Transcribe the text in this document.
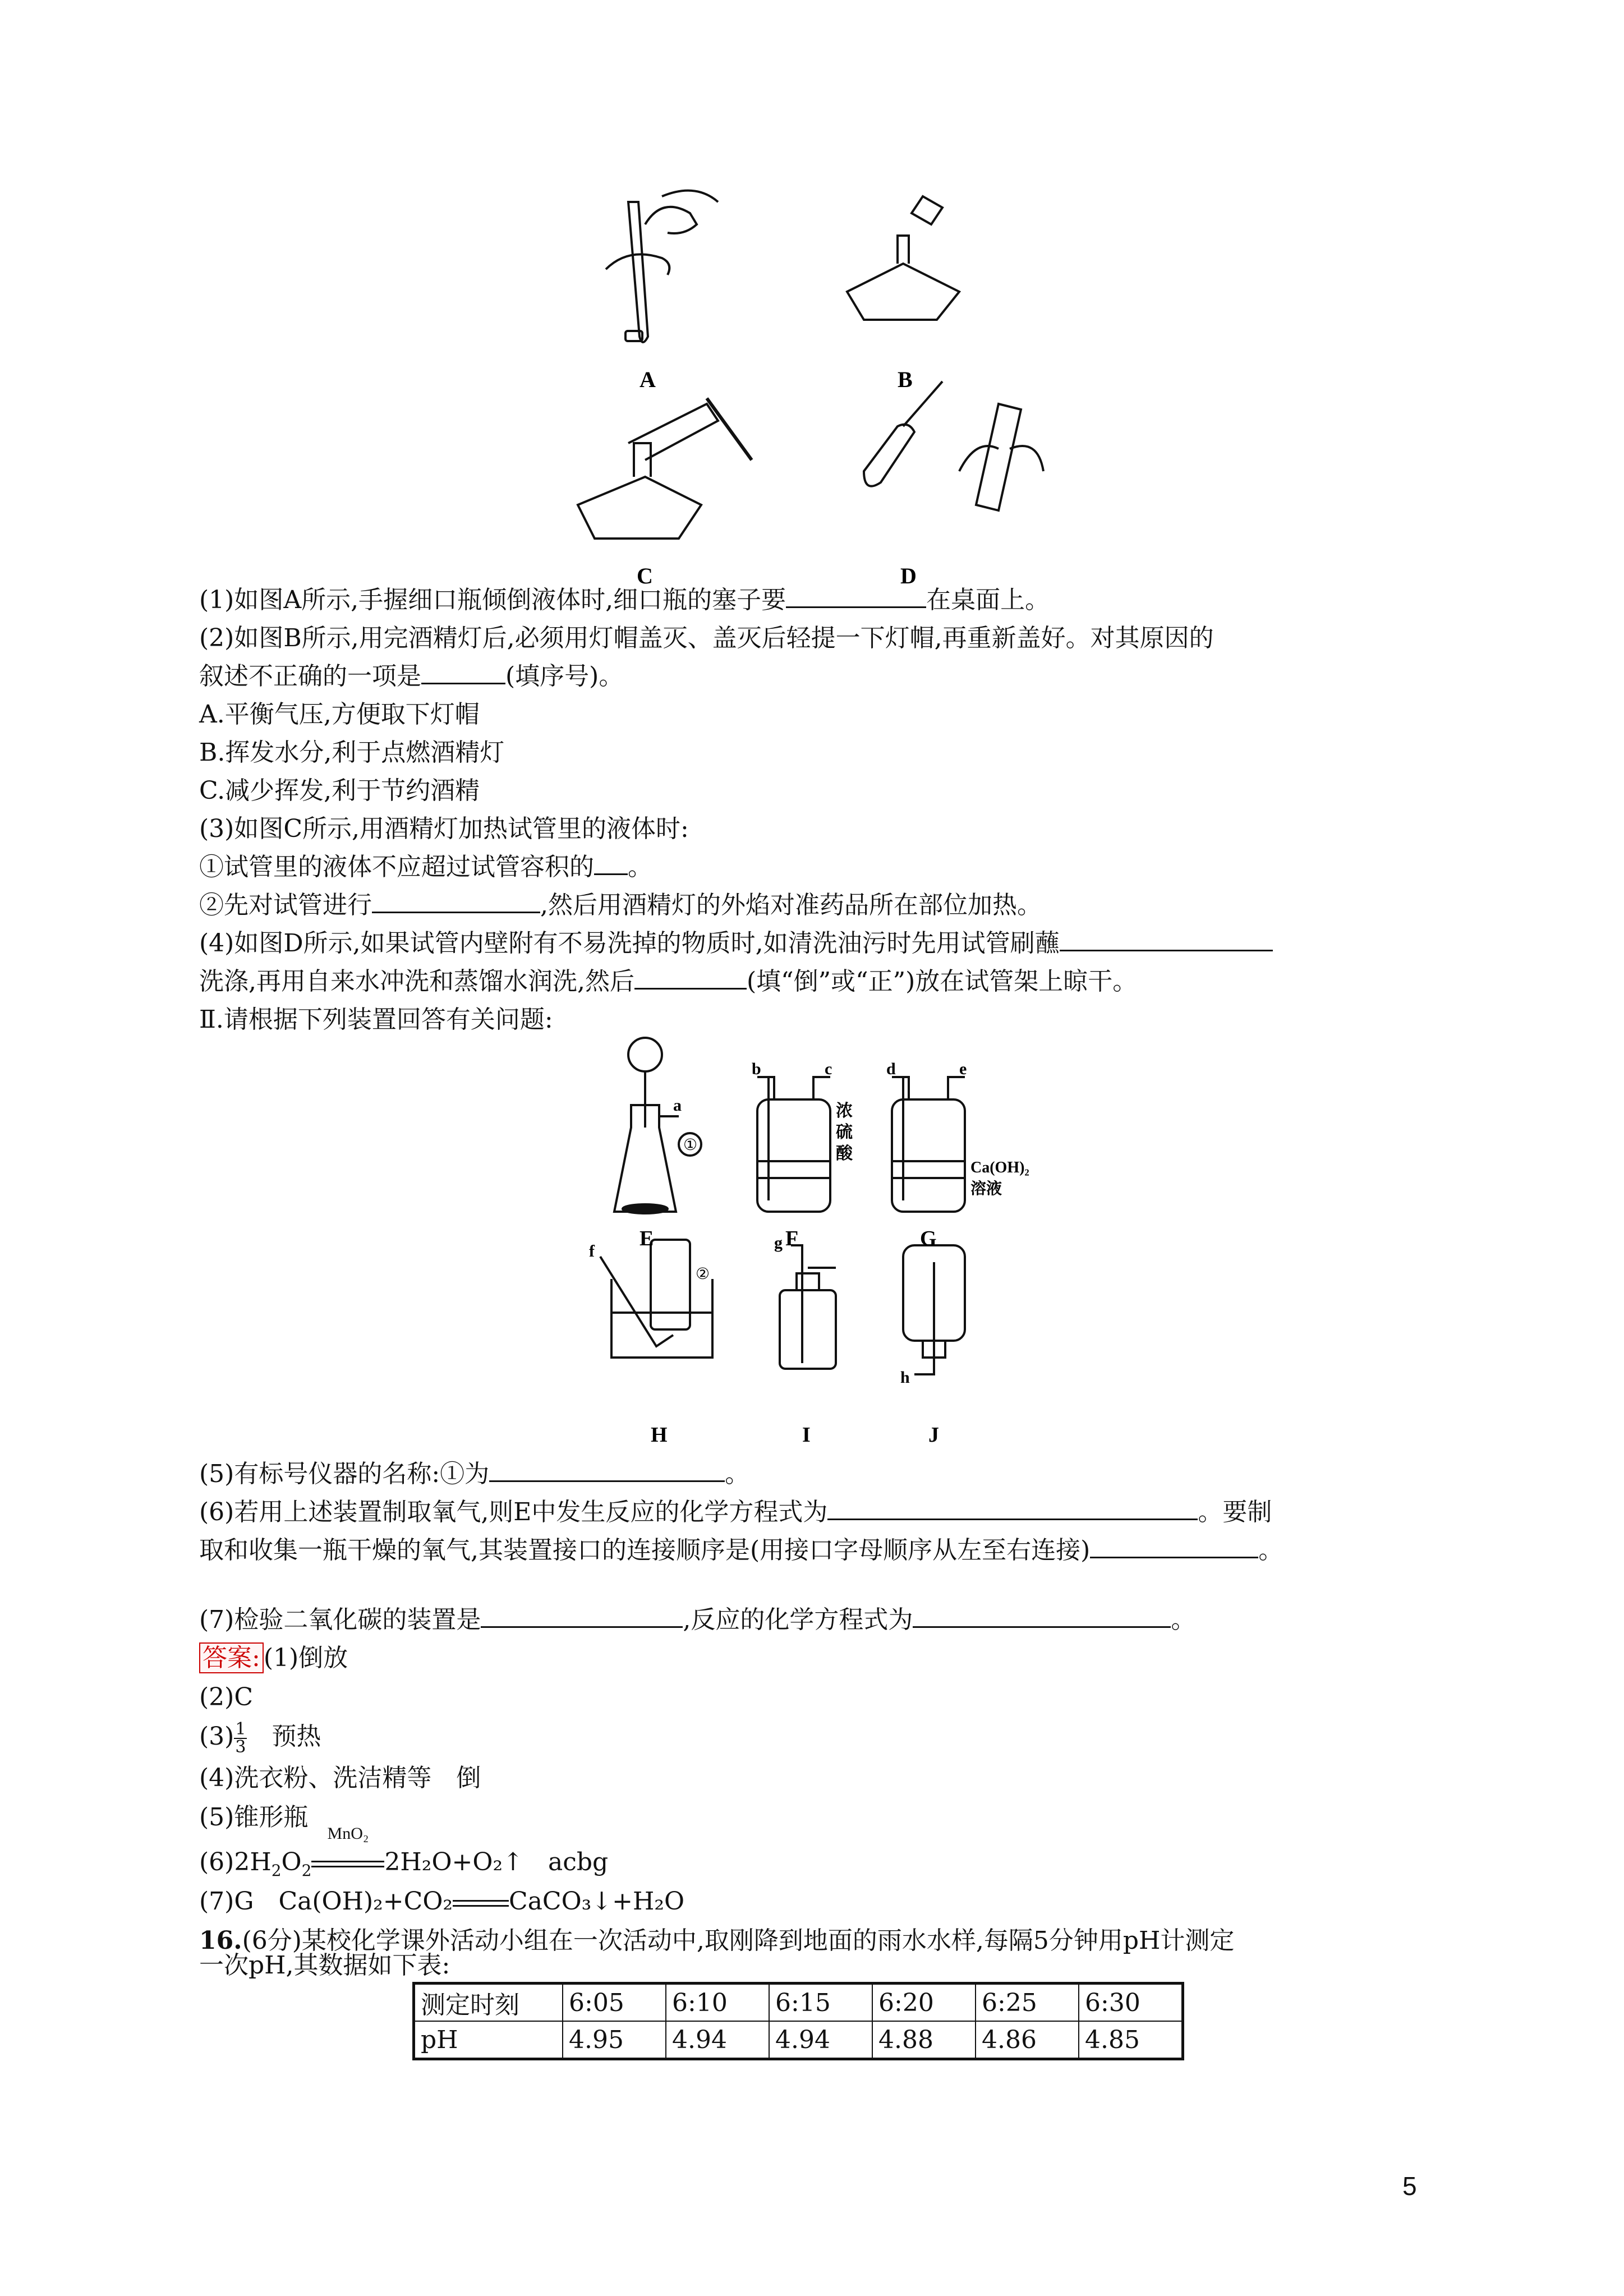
A	B
C	D
(1)如图A所示,手握细口瓶倾倒液体时,细口瓶的塞子要	在桌面上。
(2)如图B所示,用完酒精灯后,必须用灯帽盖灭、盖灭后轻提一下灯帽,再重新盖好。对其原因的
叙述不正确的一项是	(填序号)。
A.平衡气压,方便取下灯帽
B.挥发水分,利于点燃酒精灯
C.减少挥发,利于节约酒精
(3)如图C所示,用酒精灯加热试管里的液体时:
①试管里的液体不应超过试管容积的 。
②先对试管进行	,然后用酒精灯的外焰对准药品所在部位加热。
(4)如图D所示,如果试管内壁附有不易洗掉的物质时,如清洗油污时先用试管刷蘸
洗涤,再用自来水冲洗和蒸馏水润洗,然后	(填“倒”或“正”)放在试管架上晾干。
Ⅱ.请根据下列装置回答有关问题:
a
b	c	d	e
f	g
h
①
②
浓
硫
酸
Ca(OH)₂
溶液
E	F	G
H	I	J
(5)有标号仪器的名称:①为	。
(6)若用上述装置制取氧气,则E中发生反应的化学方程式为	。要制
取和收集一瓶干燥的氧气,其装置接口的连接顺序是(用接口字母顺序从左至右连接)	。
(7)检验二氧化碳的装置是	,反应的化学方程式为	。
答案: (1)倒放
(2)C
$(3) \frac{1}{3}$ 　预热
(4)洗衣粉、洗洁精等　倒
(5)锥形瓶
$(6)2H_2O_2$
MnO₂
2H₂O+O₂↑　acbg
(7)G　Ca(OH)₂+CO₂ CaCO₃↓+H₂O
16.(6分)某校化学课外活动小组在一次活动中,取刚降到地面的雨水水样,每隔5分钟用pH计测定
一次pH,其数据如下表:
测定时刻	6:05	6:10	6:15	6:20	6:25	6:30
pH	4.95	4.94	4.94	4.88	4.86	4.85
5
